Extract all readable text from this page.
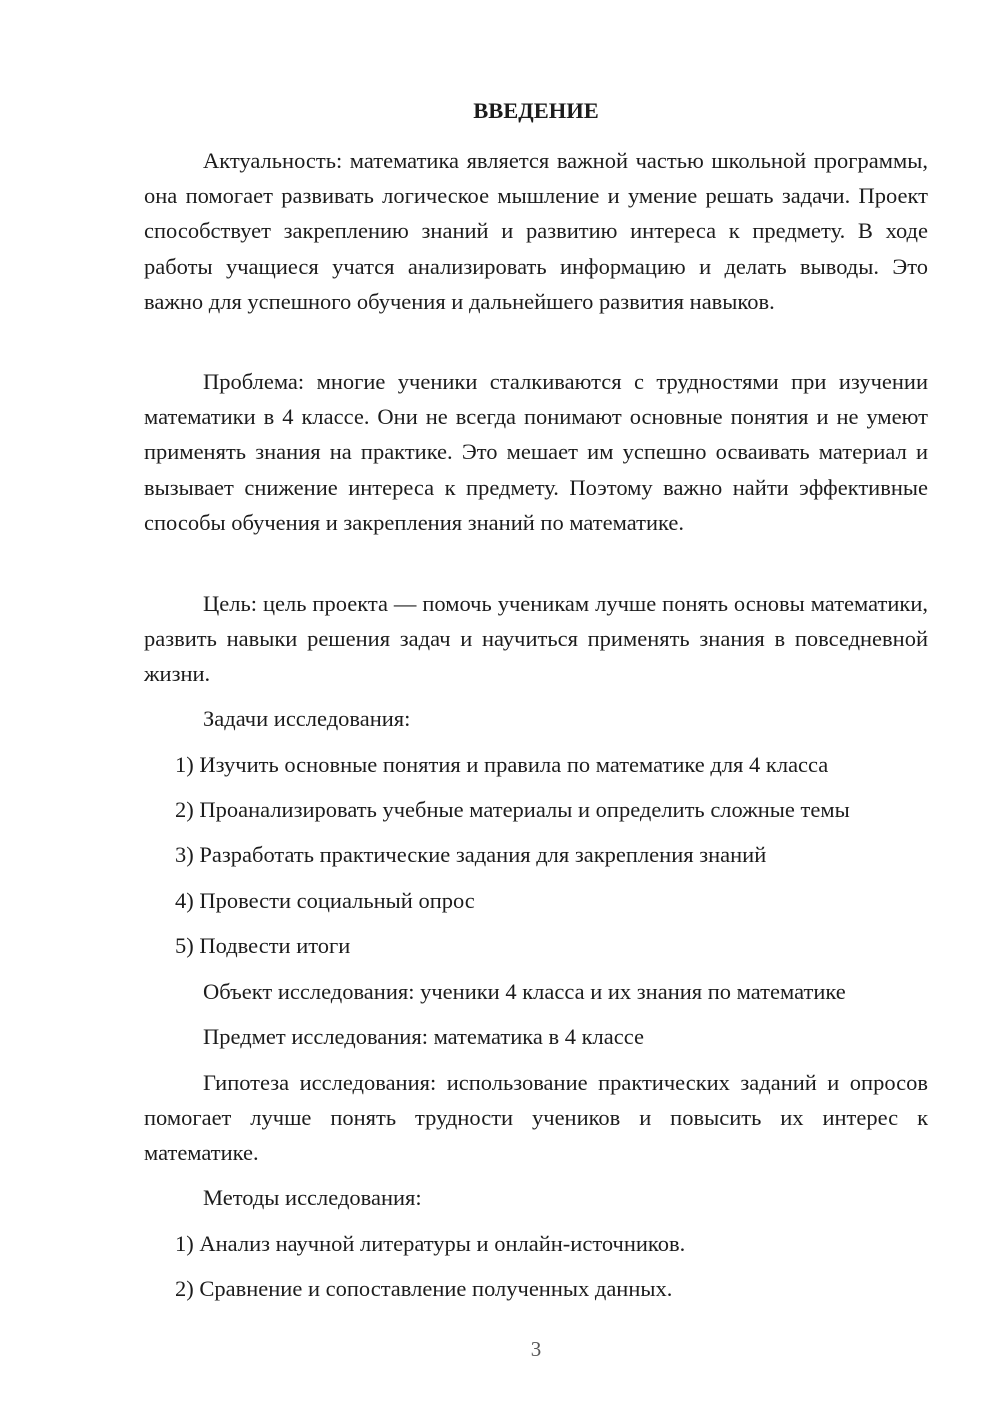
ВВЕДЕНИЕ

Актуальность: математика является важной частью школьной программы, она помогает развивать логическое мышление и умение решать задачи. Проект способствует закреплению знаний и развитию интереса к предмету. В ходе работы учащиеся учатся анализировать информацию и делать выводы. Это важно для успешного обучения и дальнейшего развития навыков.

Проблема: многие ученики сталкиваются с трудностями при изучении математики в 4 классе. Они не всегда понимают основные понятия и не умеют применять знания на практике. Это мешает им успешно осваивать материал и вызывает снижение интереса к предмету. Поэтому важно найти эффективные способы обучения и закрепления знаний по математике.

Цель: цель проекта — помочь ученикам лучше понять основы математики, развить навыки решения задач и научиться применять знания в повседневной жизни.

Задачи исследования:
1) Изучить основные понятия и правила по математике для 4 класса
2) Проанализировать учебные материалы и определить сложные темы
3) Разработать практические задания для закрепления знаний
4) Провести социальный опрос
5) Подвести итоги
Объект исследования: ученики 4 класса и их знания по математике
Предмет исследования: математика в 4 классе

Гипотеза исследования: использование практических заданий и опросов помогает лучше понять трудности учеников и повысить их интерес к математике.

Методы исследования:
1) Анализ научной литературы и онлайн-источников.
2) Сравнение и сопоставление полученных данных.
3
